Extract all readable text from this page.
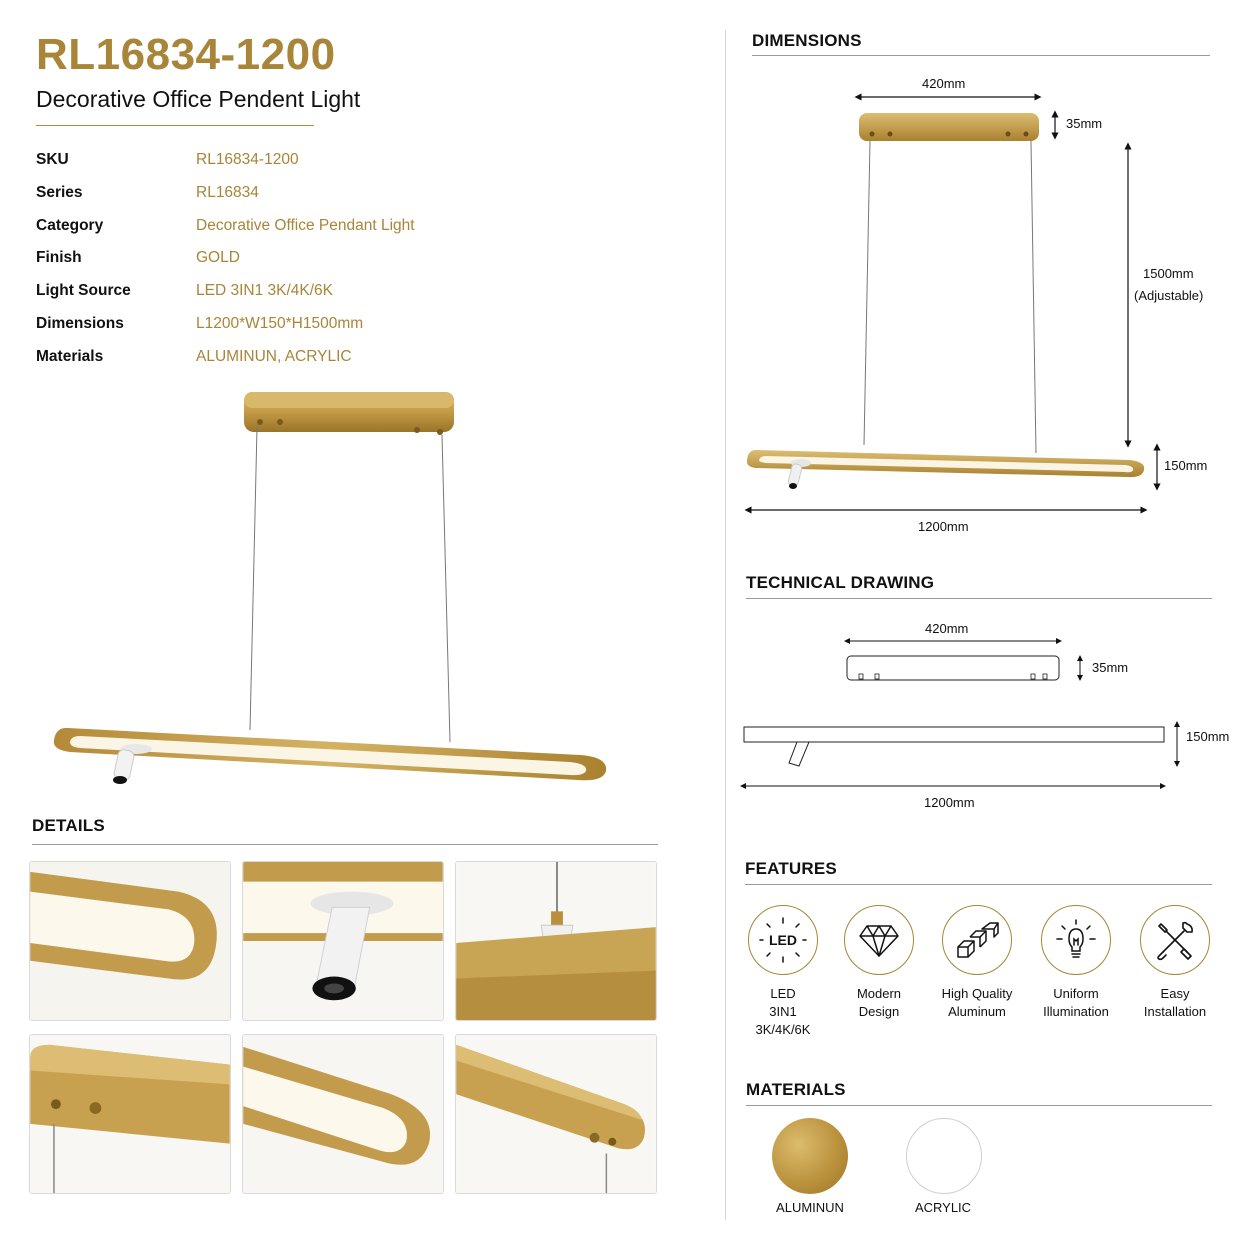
RL16834-1200
Decorative Office Pendent Light
SKU	RL16834-1200
Series	RL16834
Category	Decorative Office Pendant Light
Finish	GOLD
Light Source	LED 3IN1 3K/4K/6K
Dimensions	L1200*W150*H1500mm
Materials	ALUMINUN, ACRYLIC
DETAILS
DIMENSIONS
420mm
35mm
1500mm
(Adjustable)
150mm
1200mm
TECHNICAL DRAWING
420mm
35mm
150mm
1200mm
FEATURES
LED
LED
3IN1
3K/4K/6K
Modern
Design
High Quality
Aluminum
Uniform
Illumination
Easy
Installation
MATERIALS
ALUMINUN	ACRYLIC
